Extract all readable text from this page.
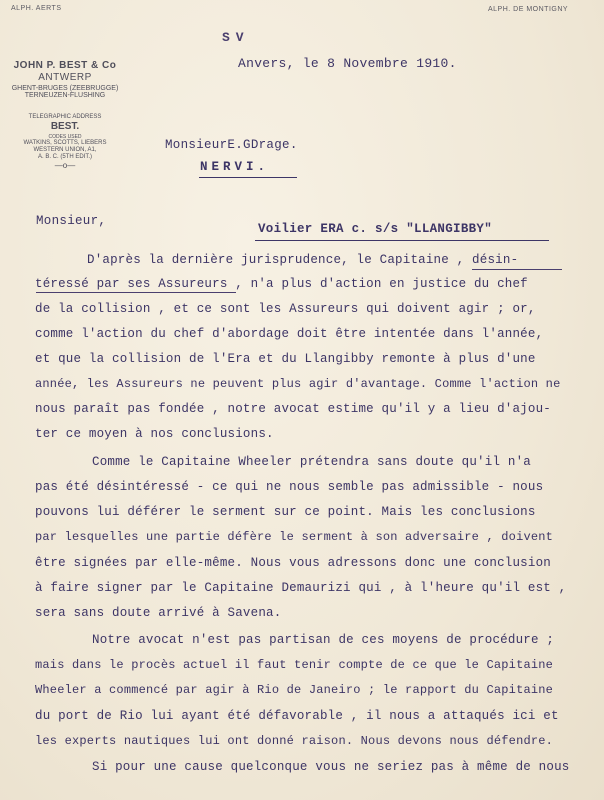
ALPH. AERTS	ALPH. DE MONTIGNY
SV
JOHN P. BEST & Co
ANTWERP
GHENT-BRUGES (ZEEBRUGGE)
TERNEUZEN-FLUSHING
TELEGRAPHIC ADDRESS
BEST.
CODES USED
WATKINS, SCOTTS, LIEBERS
WESTERN UNION, A1,
A. B. C. (5TH EDIT.)
—o—
Anvers, le 8 Novembre 1910.
MonsieurE.GDrage.
NERVI.
Monsieur,
Voilier ERA c. s/s "LLANGIBBY"
D'après la dernière jurisprudence, le Capitaine , désin-
téressé par ses Assureurs , n'a plus d'action en justice du chef
de la collision , et ce sont les Assureurs qui doivent agir ; or,
comme l'action du chef d'abordage doit être intentée dans l'année,
et que la collision de l'Era et du Llangibby remonte à plus d'une
année, les Assureurs ne peuvent plus agir d'avantage. Comme l'action ne
nous paraît pas fondée , notre avocat estime qu'il y a lieu d'ajou-
ter ce moyen à nos conclusions.
Comme le Capitaine Wheeler prétendra sans doute qu'il n'a
pas été désintéressé - ce qui ne nous semble pas admissible - nous
pouvons lui déférer le serment sur ce point. Mais les conclusions
par lesquelles une partie défère le serment à son adversaire , doivent
être signées par elle-même. Nous vous adressons donc une conclusion
à faire signer par le Capitaine Demaurizi qui , à l'heure qu'il est ,
sera sans doute arrivé à Savena.
Notre avocat n'est pas partisan de ces moyens de procédure ;
mais dans le procès actuel il faut tenir compte de ce que le Capitaine
Wheeler a commencé par agir à Rio de Janeiro ; le rapport du Capitaine
du port de Rio lui ayant été défavorable , il nous a attaqués ici et
les experts nautiques lui ont donné raison. Nous devons nous défendre.
Si pour une cause quelconque vous ne seriez pas à même de nous
